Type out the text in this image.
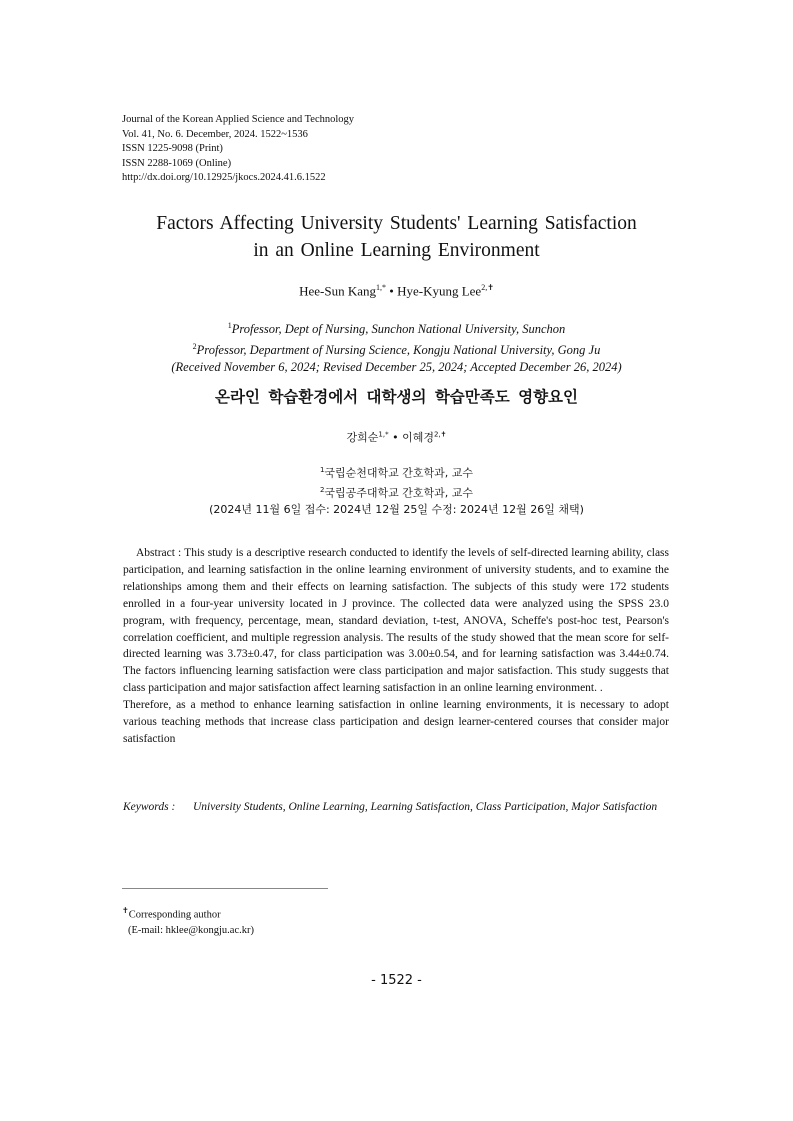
Journal of the Korean Applied Science and Technology
Vol. 41, No. 6. December, 2024. 1522~1536
ISSN 1225-9098 (Print)
ISSN 2288-1069 (Online)
http://dx.doi.org/10.12925/jkocs.2024.41.6.1522
Factors Affecting University Students' Learning Satisfaction
in an Online Learning Environment
Hee-Sun Kang$^{1,*}$ • Hye-Kyung Lee$^{2,✝}$
$^1$Professor, Dept of Nursing, Sunchon National University, Sunchon
$^2$Professor, Department of Nursing Science, Kongju National University, Gong Ju
(Received November 6, 2024; Revised December 25, 2024; Accepted December 26, 2024)
온라인 학습환경에서 대학생의 학습만족도 영향요인
강희순$^{1,*}$ • 이혜경$^{2,✝}$
$^1$국립순천대학교 간호학과, 교수
$^2$국립공주대학교 간호학과, 교수
(2024년 11월 6일 접수: 2024년 12월 25일 수정: 2024년 12월 26일 채택)

Abstract : This study is a descriptive research conducted to identify the levels of self-directed learning ability, class participation, and learning satisfaction in the online learning environment of university students, and to examine the relationships among them and their effects on learning satisfaction. The subjects of this study were 172 students enrolled in a four-year university located in J province. The collected data were analyzed using the SPSS 23.0 program, with frequency, percentage, mean, standard deviation, t-test, ANOVA, Scheffe's post-hoc test, Pearson's correlation coefficient, and multiple regression analysis. The results of the study showed that the mean score for self-directed learning was 3.73±0.47, for class participation was 3.00±0.54, and for learning satisfaction was 3.44±0.74. The factors influencing learning satisfaction were class participation and major satisfaction. This study suggests that class participation and major satisfaction affect learning satisfaction in an online learning environment. .

Therefore, as a method to enhance learning satisfaction in online learning environments, it is necessary to adopt various teaching methods that increase class participation and design learner-centered courses that consider major satisfaction

Keywords :	University Students, Online Learning, Learning Satisfaction, Class Participation, Major Satisfaction
✝Corresponding author
(E-mail: hklee@kongju.ac.kr)
- 1522 -
